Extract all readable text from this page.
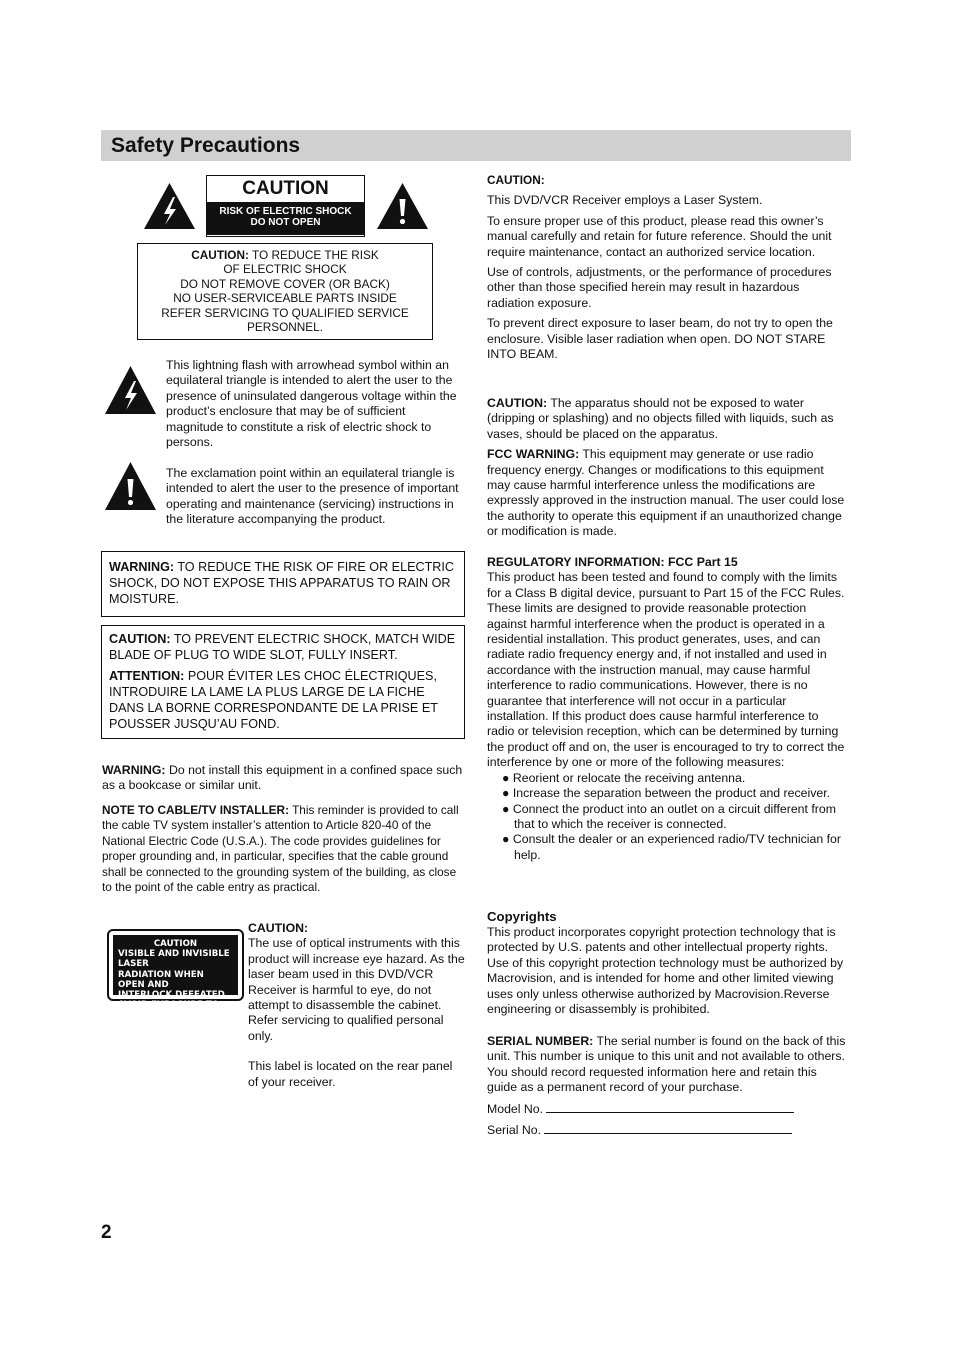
Safety Precautions
CAUTION
RISK OF ELECTRIC SHOCK
DO NOT OPEN
CAUTION: TO REDUCE THE RISK
OF ELECTRIC SHOCK
DO NOT REMOVE COVER (OR BACK)
NO USER-SERVICEABLE PARTS INSIDE
REFER SERVICING TO QUALIFIED SERVICE
PERSONNEL.
This lightning flash with arrowhead symbol within an equilateral triangle is intended to alert the user to the presence of uninsulated dangerous voltage within the product’s enclosure that may be of sufficient magnitude to constitute a risk of electric shock to persons.
The exclamation point within an equilateral triangle is intended to alert the user to the presence of important operating and maintenance (servicing) instructions in the literature accompanying the product.
WARNING: TO REDUCE THE RISK OF FIRE OR ELECTRIC SHOCK, DO NOT EXPOSE THIS APPARATUS TO RAIN OR MOISTURE.
CAUTION: TO PREVENT ELECTRIC SHOCK, MATCH WIDE BLADE OF PLUG TO WIDE SLOT, FULLY INSERT.
ATTENTION: POUR ÉVITER LES CHOC ÉLECTRIQUES, INTRODUIRE LA LAME LA PLUS LARGE DE LA FICHE DANS LA BORNE CORRESPONDANTE DE LA PRISE ET POUSSER JUSQU’AU FOND.
WARNING: Do not install this equipment in a confined space such as a bookcase or similar unit.
NOTE TO CABLE/TV INSTALLER: This reminder is provided to call the cable TV system installer’s attention to Article 820-40 of the National Electric Code (U.S.A.). The code provides guidelines for proper grounding and, in particular, specifies that the cable ground shall be connected to the grounding system of the building, as close to the point of the cable entry as practical.
CAUTION
VISIBLE AND INVISIBLE LASER
RADIATION WHEN OPEN AND
INTERLOCK DEFEATED
AVOID EXPOSURE TO BEAM
CAUTION:
The use of optical instruments with this product will increase eye hazard. As the laser beam used in this DVD/VCR Receiver is harmful to eye, do not attempt to disassemble the cabinet. Refer servicing to qualified personal only.
This label is located on the rear panel of your receiver.
CAUTION:
This DVD/VCR Receiver employs a Laser System.
To ensure proper use of this product, please read this owner’s manual carefully and retain for future reference. Should the unit require maintenance, contact an authorized service location.
Use of controls, adjustments, or the performance of procedures other than those specified herein may result in hazardous radiation exposure.
To prevent direct exposure to laser beam, do not try to open the enclosure. Visible laser radiation when open. DO NOT STARE INTO BEAM.
CAUTION: The apparatus should not be exposed to water (dripping or splashing) and no objects filled with liquids, such as vases, should be placed on the apparatus.
FCC WARNING: This equipment may generate or use radio frequency energy. Changes or modifications to this equipment may cause harmful interference unless the modifications are expressly approved in the instruction manual. The user could lose the authority to operate this equipment if an unauthorized change or modification is made.
REGULATORY INFORMATION: FCC Part 15
This product has been tested and found to comply with the limits for a Class B digital device, pursuant to Part 15 of the FCC Rules. These limits are designed to provide reasonable protection against harmful interference when the product is operated in a residential installation. This product generates, uses, and can radiate radio frequency energy and, if not installed and used in accordance with the instruction manual, may cause harmful interference to radio communications. However, there is no guarantee that interference will not occur in a particular installation. If this product does cause harmful interference to radio or television reception, which can be determined by turning the product off and on, the user is encouraged to try to correct the interference by one or more of the following measures:
● Reorient or relocate the receiving antenna.
● Increase the separation between the product and receiver.
● Connect the product into an outlet on a circuit different from that to which the receiver is connected.
● Consult the dealer or an experienced radio/TV technician for help.
Copyrights
This product incorporates copyright protection technology that is protected by U.S. patents and other intellectual property rights. Use of this copyright protection technology must be authorized by Macrovision, and is intended for home and other limited viewing uses only unless otherwise authorized by Macrovision.Reverse engineering or disassembly is prohibited.
SERIAL NUMBER: The serial number is found on the back of this unit. This number is unique to this unit and not available to others. You should record requested information here and retain this guide as a permanent record of your purchase.
Model No.
Serial No.
2
